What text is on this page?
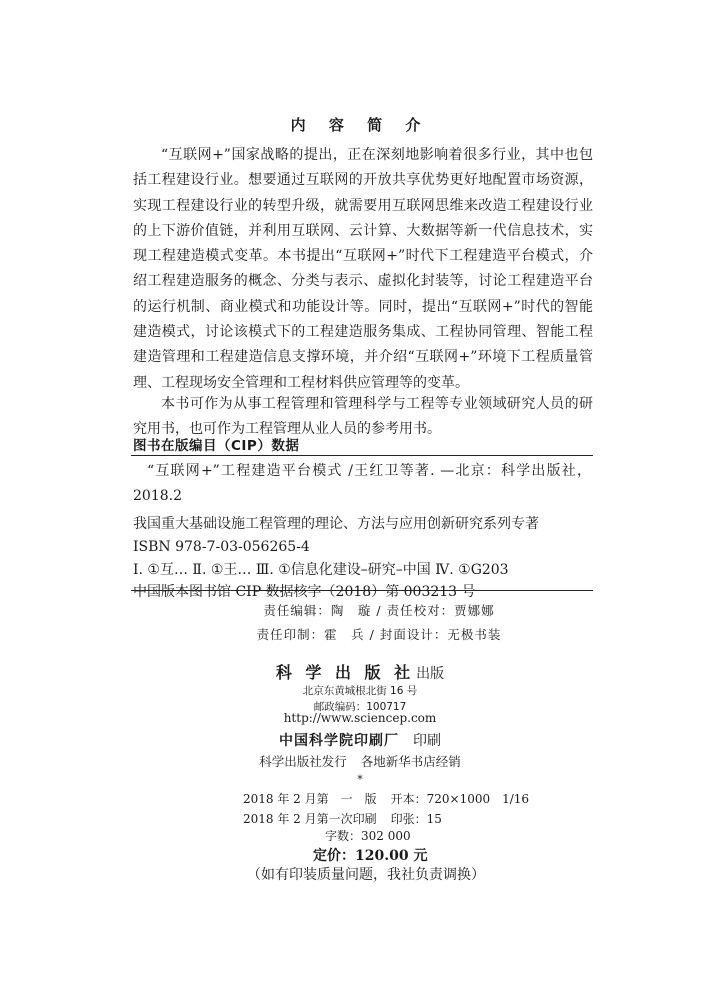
内 容 简 介

“互联网+”国家战略的提出，正在深刻地影响着很多行业，其中也包括工程建设行业。想要通过互联网的开放共享优势更好地配置市场资源，实现工程建设行业的转型升级，就需要用互联网思维来改造工程建设行业的上下游价值链，并利用互联网、云计算、大数据等新一代信息技术，实现工程建造模式变革。本书提出“互联网+”时代下工程建造平台模式，介绍工程建造服务的概念、分类与表示、虚拟化封装等，讨论工程建造平台的运行机制、商业模式和功能设计等。同时，提出“互联网+”时代的智能建造模式，讨论该模式下的工程建造服务集成、工程协同管理、智能工程建造管理和工程建造信息支撑环境，并介绍“互联网+”环境下工程质量管理、工程现场安全管理和工程材料供应管理等的变革。

本书可作为从事工程管理和管理科学与工程等专业领域研究人员的研究用书，也可作为工程管理从业人员的参考用书。

图书在版编目（CIP）数据
“互联网+”工程建造平台模式 /王红卫等著. —北京：科学出版社，2018.2
我国重大基础设施工程管理的理论、方法与应用创新研究系列专著
ISBN 978-7-03-056265-4
Ⅰ. ①互… Ⅱ. ①王… Ⅲ. ①信息化建设–研究–中国 Ⅳ. ①G203
中国版本图书馆 CIP 数据核字（2018）第 003213 号
责任编辑：陶　璇 / 责任校对：贾娜娜
责任印制：霍　兵 / 封面设计：无极书装
科 学 出 版 社 出版
北京东黄城根北街 16 号
邮政编码：100717
http://www.sciencep.com
中国科学院印刷厂 印刷
科学出版社发行 各地新华书店经销
*
2018 年 2 月第　一　版 开本：720×1000　1/16
2018 年 2 月第一次印刷 印张：15
字数：302 000
定价：120.00 元
（如有印装质量问题，我社负责调换）
